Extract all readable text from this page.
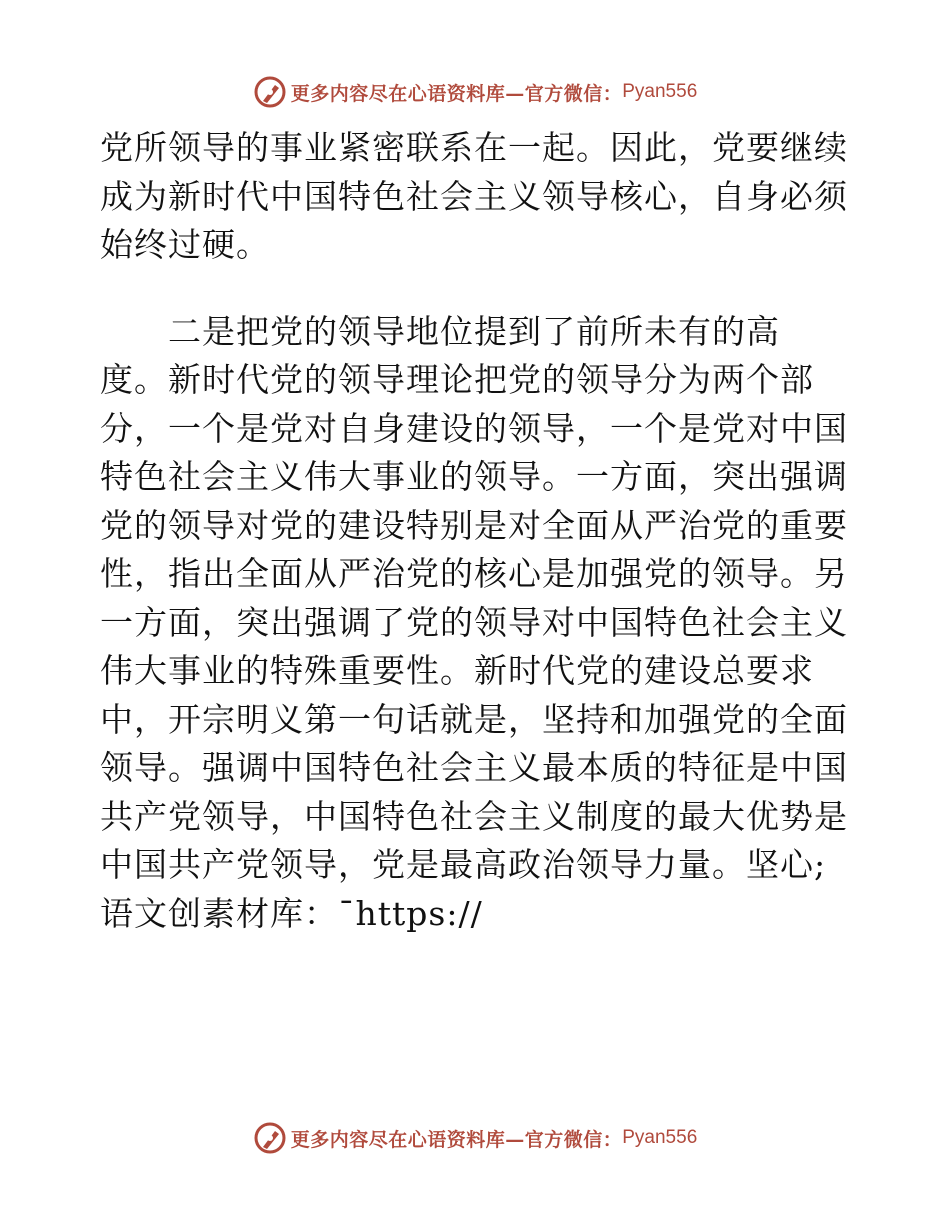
更多内容尽在心语资料库—官方微信： Pyan556

党所领导的事业紧密联系在一起。因此，党要继续

成为新时代中国特色社会主义领导核心，自身必须

始终过硬。

　　二是把党的领导地位提到了前所未有的高

度。新时代党的领导理论把党的领导分为两个部

分，一个是党对自身建设的领导，一个是党对中国

特色社会主义伟大事业的领导。一方面，突出强调

党的领导对党的建设特别是对全面从严治党的重要

性，指出全面从严治党的核心是加强党的领导。另

一方面，突出强调了党的领导对中国特色社会主义

伟大事业的特殊重要性。新时代党的建设总要求

中，开宗明义第一句话就是，坚持和加强党的全面

领导。强调中国特色社会主义最本质的特征是中国

共产党领导，中国特色社会主义制度的最大优势是

中国共产党领导，党是最高政治领导力量。坚心;

语文创素材库：¯https://

更多内容尽在心语资料库—官方微信： Pyan556
